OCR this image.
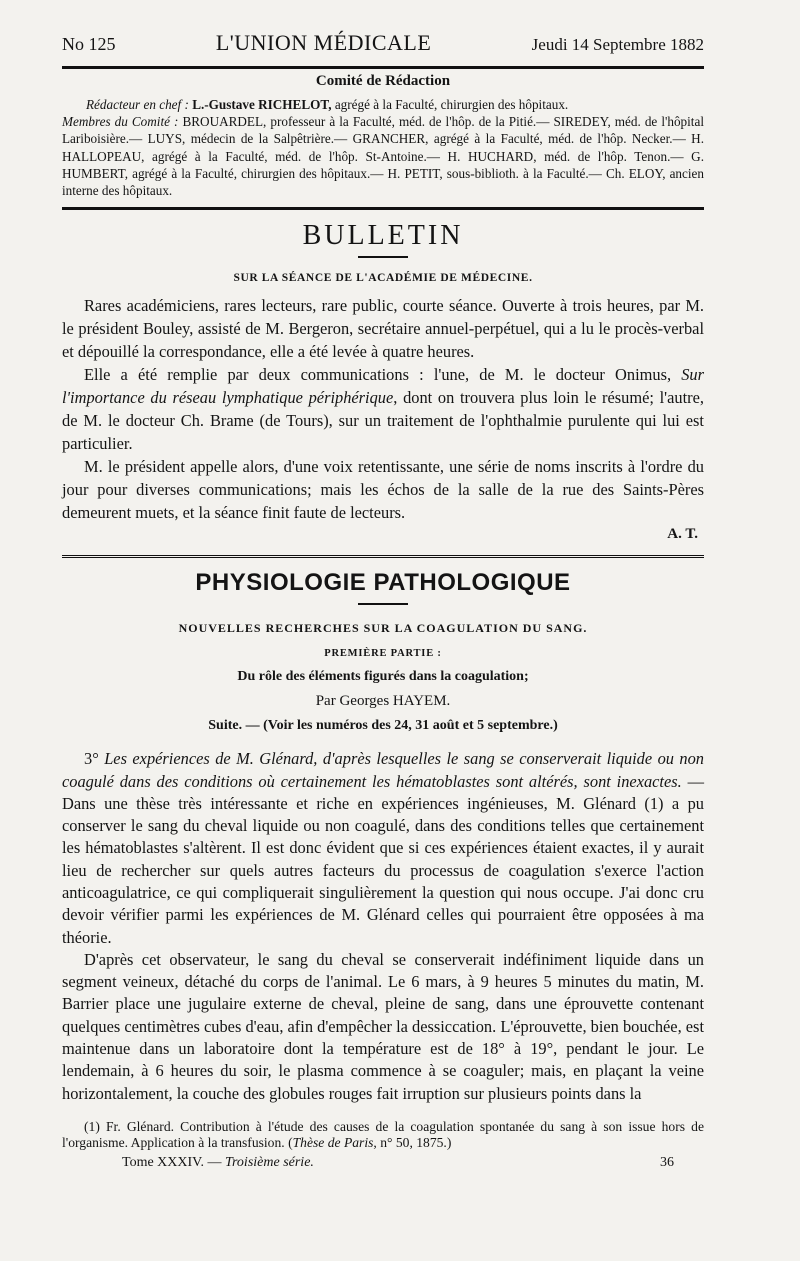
No 125	L'UNION MÉDICALE	Jeudi 14 Septembre 1882
Comité de Rédaction

Rédacteur en chef : L.-Gustave RICHELOT, agrégé à la Faculté, chirurgien des hôpitaux.

Membres du Comité : BROUARDEL, professeur à la Faculté, méd. de l'hôp. de la Pitié.— SIREDEY, méd. de l'hôpital Lariboisière.— LUYS, médecin de la Salpêtrière.— GRANCHER, agrégé à la Faculté, méd. de l'hôp. Necker.— H. HALLOPEAU, agrégé à la Faculté, méd. de l'hôp. St-Antoine.— H. HUCHARD, méd. de l'hôp. Tenon.— G. HUMBERT, agrégé à la Faculté, chirurgien des hôpitaux.— H. PETIT, sous-biblioth. à la Faculté.— Ch. ELOY, ancien interne des hôpitaux.

BULLETIN
SUR LA SÉANCE DE L'ACADÉMIE DE MÉDECINE.

Rares académiciens, rares lecteurs, rare public, courte séance. Ouverte à trois heures, par M. le président Bouley, assisté de M. Bergeron, secrétaire annuel-perpétuel, qui a lu le procès-verbal et dépouillé la correspondance, elle a été levée à quatre heures.

Elle a été remplie par deux communications : l'une, de M. le docteur Onimus, Sur l'importance du réseau lymphatique périphérique, dont on trouvera plus loin le résumé; l'autre, de M. le docteur Ch. Brame (de Tours), sur un traitement de l'ophthalmie purulente qui lui est particulier.

M. le président appelle alors, d'une voix retentissante, une série de noms inscrits à l'ordre du jour pour diverses communications; mais les échos de la salle de la rue des Saints-Pères demeurent muets, et la séance finit faute de lecteurs.

A. T.
PHYSIOLOGIE PATHOLOGIQUE
NOUVELLES RECHERCHES SUR LA COAGULATION DU SANG.
PREMIÈRE PARTIE :
Du rôle des éléments figurés dans la coagulation;
Par Georges HAYEM.
Suite. — (Voir les numéros des 24, 31 août et 5 septembre.)

3° Les expériences de M. Glénard, d'après lesquelles le sang se conserverait liquide ou non coagulé dans des conditions où certainement les hématoblastes sont altérés, sont inexactes. — Dans une thèse très intéressante et riche en expériences ingénieuses, M. Glénard (1) a pu conserver le sang du cheval liquide ou non coagulé, dans des conditions telles que certainement les hématoblastes s'altèrent. Il est donc évident que si ces expériences étaient exactes, il y aurait lieu de rechercher sur quels autres facteurs du processus de coagulation s'exerce l'action anticoagulatrice, ce qui compliquerait singulièrement la question qui nous occupe. J'ai donc cru devoir vérifier parmi les expériences de M. Glénard celles qui pourraient être opposées à ma théorie.

D'après cet observateur, le sang du cheval se conserverait indéfiniment liquide dans un segment veineux, détaché du corps de l'animal. Le 6 mars, à 9 heures 5 minutes du matin, M. Barrier place une jugulaire externe de cheval, pleine de sang, dans une éprouvette contenant quelques centimètres cubes d'eau, afin d'empêcher la dessiccation. L'éprouvette, bien bouchée, est maintenue dans un laboratoire dont la température est de 18° à 19°, pendant le jour. Le lendemain, à 6 heures du soir, le plasma commence à se coaguler; mais, en plaçant la veine horizontalement, la couche des globules rouges fait irruption sur plusieurs points dans la

(1) Fr. Glénard. Contribution à l'étude des causes de la coagulation spontanée du sang à son issue hors de l'organisme. Application à la transfusion. (Thèse de Paris, n° 50, 1875.)

Tome XXXIV. — Troisième série.	36
